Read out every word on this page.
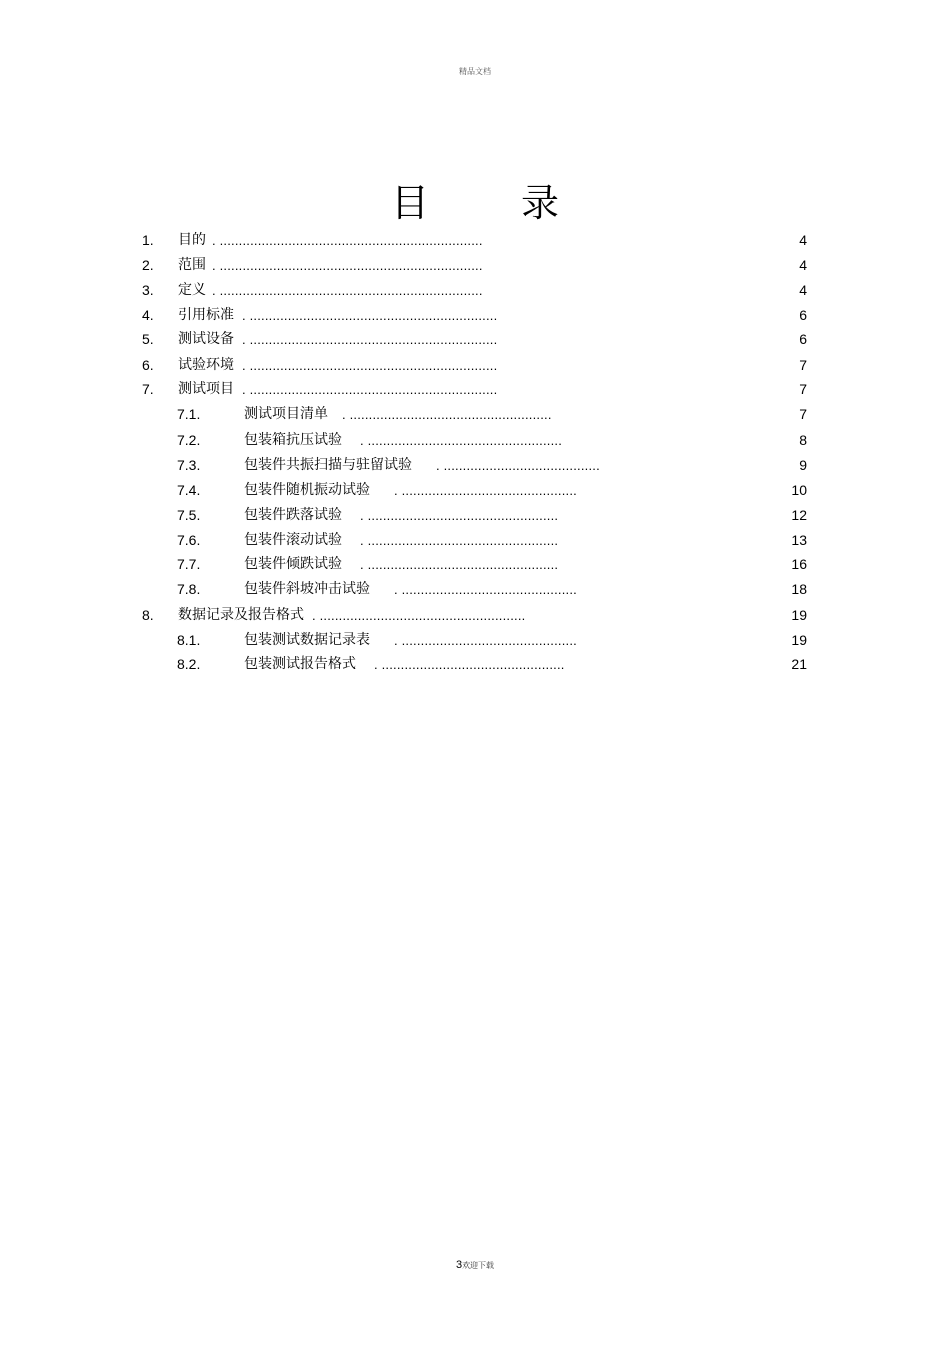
精品文档
目 录
1. 目的 . .....................................................................	4
2. 范围 . .....................................................................	4
3. 定义 . .....................................................................	4
4. 引用标准 . .................................................................	6
5. 测试设备 . .................................................................	6
6. 试验环境 . .................................................................	7
7. 测试项目 . .................................................................	7
7.1.	测试项目清单 . .....................................................	7
7.2.	包装箱抗压试验 . ...................................................	8
7.3.	包装件共振扫描与驻留试验 . .........................................	9
7.4.	包装件随机振动试验 . ..............................................	10
7.5.	包装件跌落试验 . ..................................................	12
7.6.	包装件滚动试验 . ..................................................	13
7.7.	包装件倾跌试验 . ..................................................	16
7.8.	包装件斜坡冲击试验 . ..............................................	18
8. 数据记录及报告格式 . ......................................................	19
8.1.	包装测试数据记录表 . ..............................................	19
8.2.	包装测试报告格式 . ................................................	21
3欢迎下载
